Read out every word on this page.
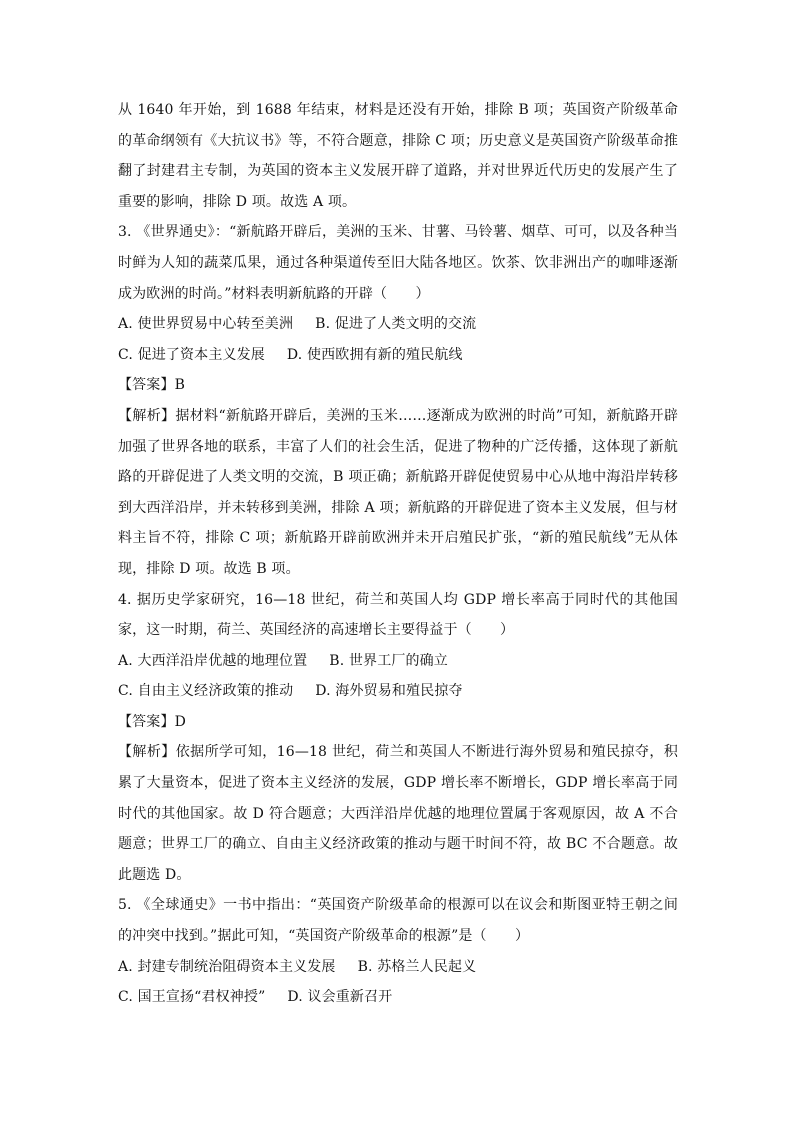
从 1640 年开始，到 1688 年结束，材料是还没有开始，排除 B 项；英国资产阶级革命的革命纲领有《大抗议书》等，不符合题意，排除 C 项；历史意义是英国资产阶级革命推翻了封建君主专制，为英国的资本主义发展开辟了道路，并对世界近代历史的发展产生了重要的影响，排除 D 项。故选 A 项。

3. 《世界通史》：“新航路开辟后，美洲的玉米、甘薯、马铃薯、烟草、可可，以及各种当时鲜为人知的蔬菜瓜果，通过各种渠道传至旧大陆各地区。饮茶、饮非洲出产的咖啡逐渐成为欧洲的时尚。”材料表明新航路的开辟（　　）

A. 使世界贸易中心转至美洲 B. 促进了人类文明的交流

C. 促进了资本主义发展 D. 使西欧拥有新的殖民航线

【答案】B

【解析】据材料“新航路开辟后，美洲的玉米……逐渐成为欧洲的时尚”可知，新航路开辟加强了世界各地的联系，丰富了人们的社会生活，促进了物种的广泛传播，这体现了新航路的开辟促进了人类文明的交流，B 项正确；新航路开辟促使贸易中心从地中海沿岸转移到大西洋沿岸，并未转移到美洲，排除 A 项；新航路的开辟促进了资本主义发展，但与材料主旨不符，排除 C 项；新航路开辟前欧洲并未开启殖民扩张，“新的殖民航线”无从体现，排除 D 项。故选 B 项。

4. 据历史学家研究，16—18 世纪，荷兰和英国人均 GDP 增长率高于同时代的其他国家，这一时期，荷兰、英国经济的高速增长主要得益于（　　）

A. 大西洋沿岸优越的地理位置 B. 世界工厂的确立

C. 自由主义经济政策的推动 D. 海外贸易和殖民掠夺

【答案】D

【解析】依据所学可知，16—18 世纪，荷兰和英国人不断进行海外贸易和殖民掠夺，积累了大量资本，促进了资本主义经济的发展，GDP 增长率不断增长，GDP 增长率高于同时代的其他国家。故 D 符合题意；大西洋沿岸优越的地理位置属于客观原因，故 A 不合题意；世界工厂的确立、自由主义经济政策的推动与题干时间不符，故 BC 不合题意。故此题选 D。

5. 《全球通史》一书中指出：“英国资产阶级革命的根源可以在议会和斯图亚特王朝之间的冲突中找到。”据此可知，“英国资产阶级革命的根源”是（　　）

A. 封建专制统治阻碍资本主义发展 B. 苏格兰人民起义

C. 国王宣扬“君权神授” D. 议会重新召开
